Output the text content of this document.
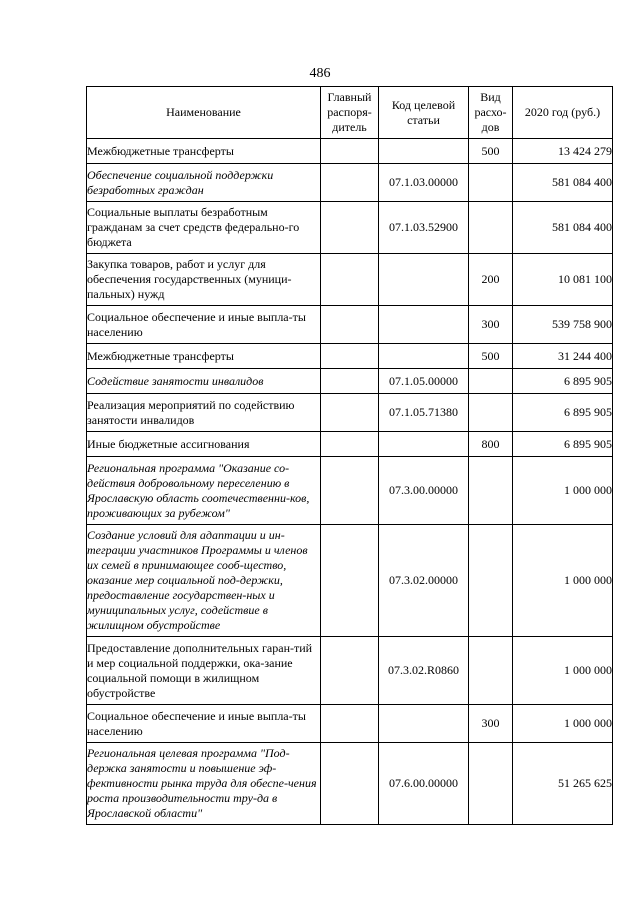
486
Наименование	Главный распоря-дитель	Код целевой статьи	Вид расхо-дов	2020 год (руб.)
Межбюджетные трансферты			500	13 424 279
Обеспечение социальной поддержки безработных граждан		07.1.03.00000		581 084 400
Социальные выплаты безработным гражданам за счет средств федерально-го бюджета		07.1.03.52900		581 084 400
Закупка товаров, работ и услуг для обеспечения государственных (муници-пальных) нужд			200	10 081 100
Социальное обеспечение и иные выпла-ты населению			300	539 758 900
Межбюджетные трансферты			500	31 244 400
Содействие занятости инвалидов		07.1.05.00000		6 895 905
Реализация мероприятий по содействию занятости инвалидов		07.1.05.71380		6 895 905
Иные бюджетные ассигнования			800	6 895 905
Региональная программа "Оказание со-действия добровольному переселению в Ярославскую область соотечественни-ков, проживающих за рубежом"		07.3.00.00000		1 000 000
Создание условий для адаптации и ин-теграции участников Программы и членов их семей в принимающее сооб-щество, оказание мер социальной под-держки, предоставление государствен-ных и муниципальных услуг, содействие в жилищном обустройстве		07.3.02.00000		1 000 000
Предоставление дополнительных гаран-тий и мер социальной поддержки, ока-зание социальной помощи в жилищном обустройстве		07.3.02.R0860		1 000 000
Социальное обеспечение и иные выпла-ты населению			300	1 000 000
Региональная целевая программа "Под-держка занятости и повышение эф-фективности рынка труда для обеспе-чения роста производительности тру-да в Ярославской области"		07.6.00.00000		51 265 625
